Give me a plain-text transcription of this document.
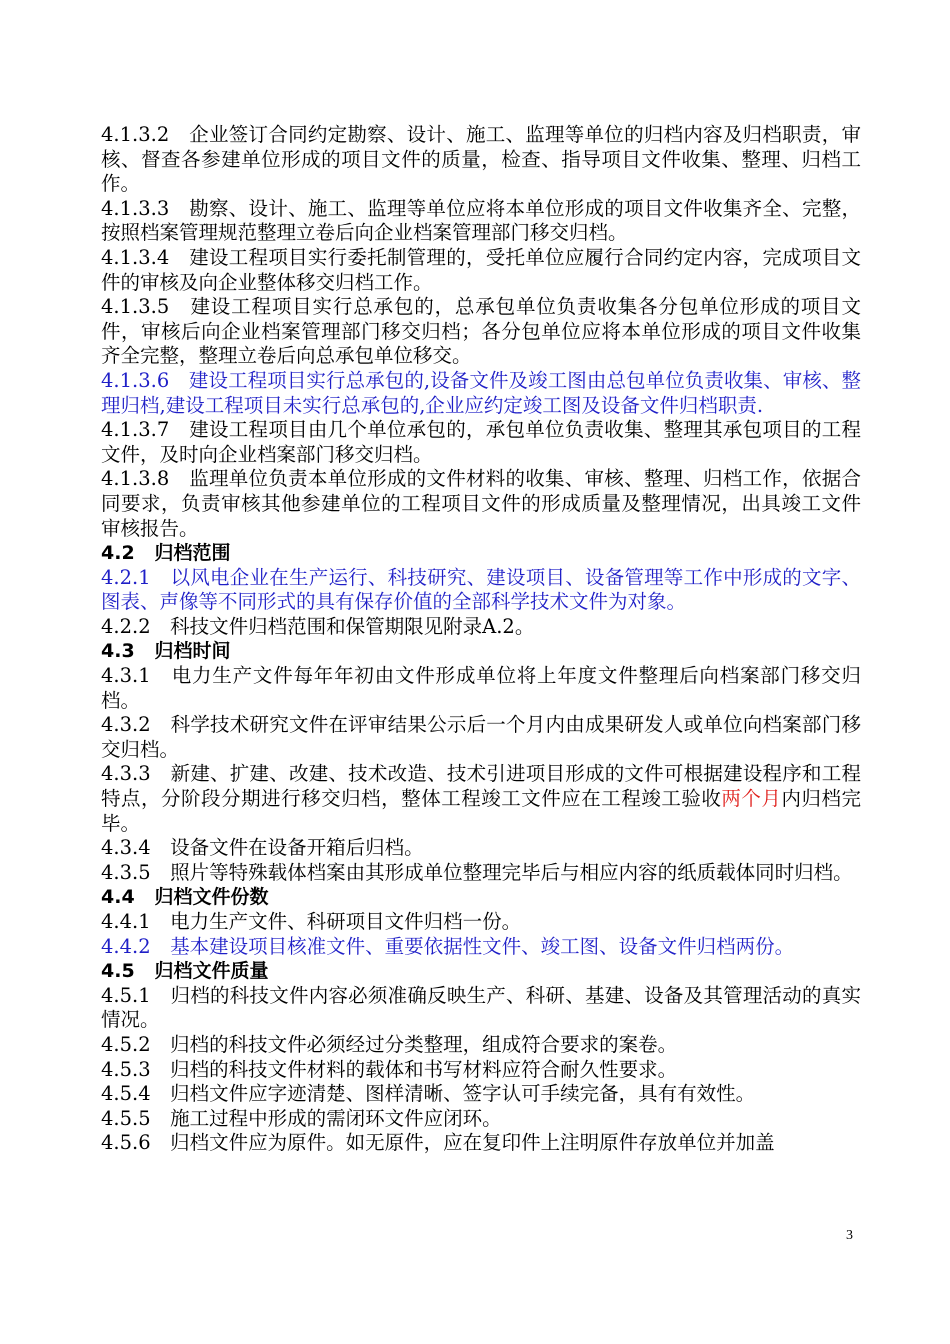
4.1.3.2　 企业签订合同约定勘察、设计、施工、监理等单位的归档内容及归档职责，审核、督查各参建单位形成的项目文件的质量，检查、指导项目文件收集、整理、归档工作。

4.1.3.3　 勘察、设计、施工、监理等单位应将本单位形成的项目文件收集齐全、完整，按照档案管理规范整理立卷后向企业档案管理部门移交归档。

4.1.3.4　 建设工程项目实行委托制管理的，受托单位应履行合同约定内容，完成项目文件的审核及向企业整体移交归档工作。

4.1.3.5　 建设工程项目实行总承包的，总承包单位负责收集各分包单位形成的项目文件，审核后向企业档案管理部门移交归档；各分包单位应将本单位形成的项目文件收集齐全完整，整理立卷后向总承包单位移交。

4.1.3.6　 建设工程项目实行总承包的,设备文件及竣工图由总包单位负责收集、审核、整理归档,建设工程项目未实行总承包的,企业应约定竣工图及设备文件归档职责.

4.1.3.7　 建设工程项目由几个单位承包的，承包单位负责收集、整理其承包项目的工程文件，及时向企业档案部门移交归档。

4.1.3.8　 监理单位负责本单位形成的文件材料的收集、审核、整理、归档工作，依据合同要求，负责审核其他参建单位的工程项目文件的形成质量及整理情况，出具竣工文件审核报告。

4.2 归档范围

4.2.1　 以风电企业在生产运行、科技研究、建设项目、设备管理等工作中形成的文字、图表、声像等不同形式的具有保存价值的全部科学技术文件为对象。

4.2.2　 科技文件归档范围和保管期限见附录A.2。

4.3 归档时间

4.3.1　 电力生产文件每年年初由文件形成单位将上年度文件整理后向档案部门移交归档。

4.3.2　 科学技术研究文件在评审结果公示后一个月内由成果研发人或单位向档案部门移交归档。

4.3.3　 新建、扩建、改建、技术改造、技术引进项目形成的文件可根据建设程序和工程特点，分阶段分期进行移交归档，整体工程竣工文件应在工程竣工验收两个月内归档完毕。

4.3.4　 设备文件在设备开箱后归档。

4.3.5　 照片等特殊载体档案由其形成单位整理完毕后与相应内容的纸质载体同时归档。

4.4 归档文件份数

4.4.1　 电力生产文件、科研项目文件归档一份。

4.4.2　 基本建设项目核准文件、重要依据性文件、竣工图、设备文件归档两份。

4.5 归档文件质量

4.5.1　 归档的科技文件内容必须准确反映生产、科研、基建、设备及其管理活动的真实情况。

4.5.2　 归档的科技文件必须经过分类整理，组成符合要求的案卷。

4.5.3　 归档的科技文件材料的载体和书写材料应符合耐久性要求。

4.5.4　 归档文件应字迹清楚、图样清晰、签字认可手续完备，具有有效性。

4.5.5　 施工过程中形成的需闭环文件应闭环。

4.5.6　 归档文件应为原件。如无原件，应在复印件上注明原件存放单位并加盖

3
